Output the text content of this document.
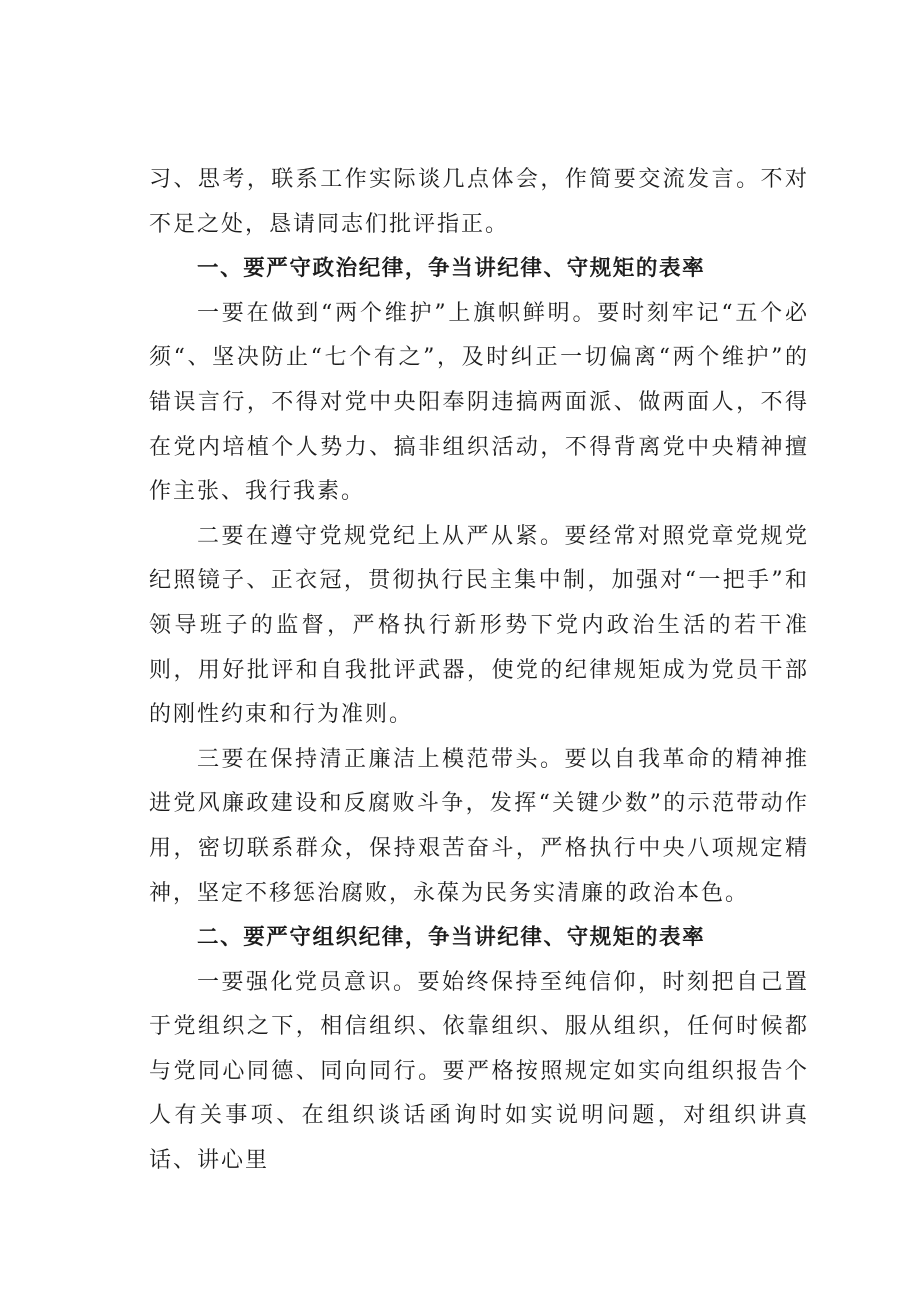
习、思考，联系工作实际谈几点体会，作简要交流发言。不对不足之处，恳请同志们批评指正。

一、要严守政治纪律，争当讲纪律、守规矩的表率

一要在做到“两个维护”上旗帜鲜明。要时刻牢记“五个必须“、坚决防止“七个有之”，及时纠正一切偏离“两个维护”的错误言行，不得对党中央阳奉阴违搞两面派、做两面人，不得在党内培植个人势力、搞非组织活动，不得背离党中央精神擅作主张、我行我素。

二要在遵守党规党纪上从严从紧。要经常对照党章党规党纪照镜子、正衣冠，贯彻执行民主集中制，加强对“一把手”和领导班子的监督，严格执行新形势下党内政治生活的若干准则，用好批评和自我批评武器，使党的纪律规矩成为党员干部的刚性约束和行为准则。

三要在保持清正廉洁上模范带头。要以自我革命的精神推进党风廉政建设和反腐败斗争，发挥“关键少数”的示范带动作用，密切联系群众，保持艰苦奋斗，严格执行中央八项规定精神，坚定不移惩治腐败，永葆为民务实清廉的政治本色。

二、要严守组织纪律，争当讲纪律、守规矩的表率

一要强化党员意识。要始终保持至纯信仰，时刻把自己置于党组织之下，相信组织、依靠组织、服从组织，任何时候都与党同心同德、同向同行。要严格按照规定如实向组织报告个人有关事项、在组织谈话函询时如实说明问题，对组织讲真话、讲心里
